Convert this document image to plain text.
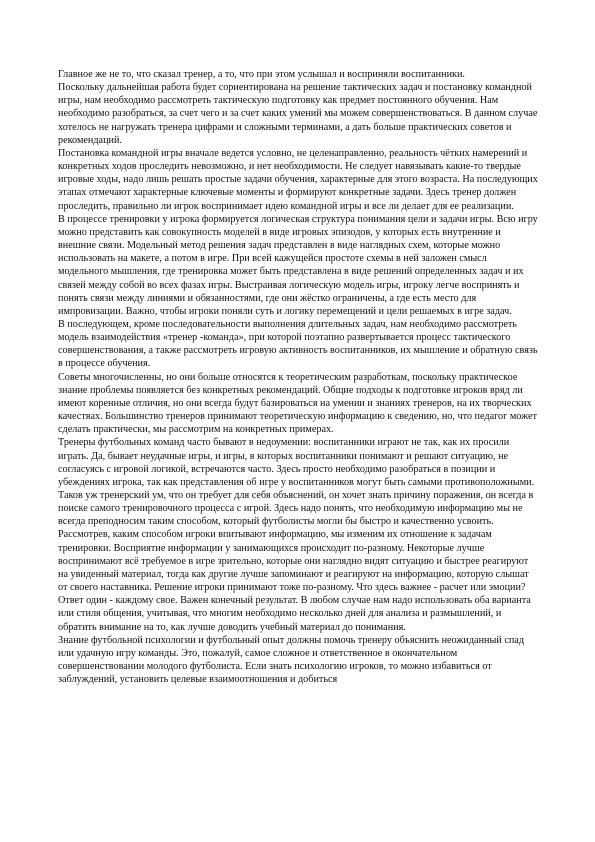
Главное же не то, что сказал тренер, а то, что при этом услышал и восприняли воспитанники.

Поскольку дальнейшая работа будет сориентирована на решение тактических задач и постановку командной игры, нам необходимо рассмотреть тактическую подготовку как предмет постоянного обучения. Нам необходимо разобраться, за счет чего и за счет каких умений мы можем совершенствоваться. В данном случае хотелось не нагружать тренера цифрами и сложными терминами, а дать больше практических советов и рекомендаций.

Постановка командной игры вначале ведется условно, не целенаправленно, реальность чётких намерений и конкретных ходов проследить невозможно, и нет необходимости. Не следует навязывать какие-то твердые игровые ходы, надо лишь решать простые задачи обучения, характерные для этого возраста. На последующих этапах отмечают характерные ключевые моменты и формируют конкретные задачи. Здесь тренер должен проследить, правильно ли игрок воспринимает идею командной игры и все ли делает для ее реализации.

В процессе тренировки у игрока формируется логическая структура понимания цели и задачи игры. Всю игру можно представить как совокупность моделей в виде игровых эпизодов, у которых есть внутренние и внешние связи. Модельный метод решения задач представлен в виде наглядных схем, которые можно использовать на макете, а потом в игре. При всей кажущейся простоте схемы в ней заложен смысл модельного мышления, где тренировка может быть представлена в виде решений определенных задач и их связей между собой во всех фазах игры. Выстраивая логическую модель игры, игроку легче воспринять и понять связи между линиями и обязанностями, где они жёстко ограничены, а где есть место для импровизации. Важно, чтобы игроки поняли суть и логику перемещений и цели решаемых в игре задач.

В последующем, кроме последовательности выполнения длительных задач, нам необходимо рассмотреть модель взаимодействия «тренер -команда», при которой поэтапно развертывается процесс тактического совершенствования, а также рассмотреть игровую активность воспитанников, их мышление и обратную связь в процессе обучения.

Советы многочисленны, но они больше относятся к теоретическим разработкам, поскольку практическое знание проблемы появляется без конкретных рекомендаций. Общие подходы к подготовке игроков вряд ли имеют коренные отличия, но они всегда будут базироваться на умении и знаниях тренеров, на их творческих качествах. Большинство тренеров принимают теоретическую информацию к сведению, но, что педагог может сделать практически, мы рассмотрим на конкретных примерах.

Тренеры футбольных команд часто бывают в недоумении: воспитанники играют не так, как их просили играть. Да, бывает неудачные игры, и игры, в которых воспитанники понимают и решают ситуацию, не согласуясь с игровой логикой, встречаются часто. Здесь просто необходимо разобраться в позиции и убеждениях игрока, так как представления об игре у воспитанников могут быть самыми противоположными. Таков уж тренерский ум, что он требует для себя объяснений, он хочет знать причину поражения, он всегда в поиске самого тренировочного процесса с игрой. Здесь надо понять, что необходимую информацию мы не всегда преподносим таким способом, который футболисты могли бы быстро и качественно усвоить. Рассмотрев, каким способом игроки впитывают информацию, мы изменим их отношение к задачам тренировки. Восприятие информации у занимающихся происходит по-разному. Некоторые лучше воспринимают всё требуемое в игре зрительно, которые они наглядно видят ситуацию и быстрее реагируют на увиденный материал, тогда как другие лучше запоминают и реагируют на информацию, которую слышат от своего наставника. Решение игроки принимают тоже по-разному. Что здесь важнее - расчет или эмоции? Ответ один - каждому свое. Важен конечный результат. В любом случае нам надо использовать оба варианта или стиля общения, учитывая, что многим необходимо несколько дней для анализа и размышлений, и обратить внимание на то, как лучше доводить учебный материал до понимания.

Знание футбольной психологии и футбольный опыт должны помочь тренеру объяснить неожиданный спад или удачную игру команды. Это, пожалуй, самое сложное и ответственное в окончательном совершенствовании молодого футболиста. Если знать психологию игроков, то можно избавиться от заблуждений, установить целевые взаимоотношения и добиться
